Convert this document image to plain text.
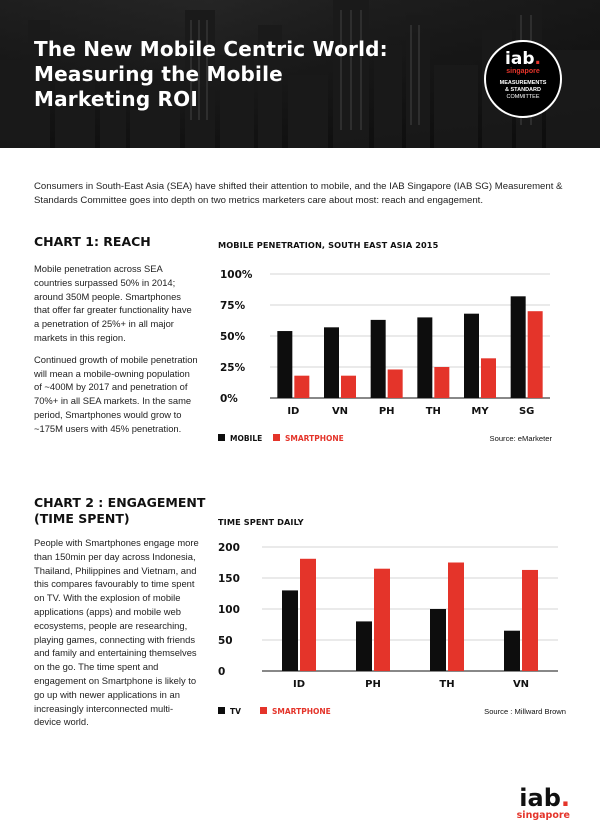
The New Mobile Centric World:
Measuring the Mobile
Marketing ROI
iab.
singapore
MEASUREMENTS
& STANDARD
COMMITTEE
Consumers in South-East Asia (SEA) have shifted their attention to mobile, and the IAB Singapore (IAB SG) Measurement & Standards Committee goes into depth on two metrics marketers care about most: reach and engagement.
CHART 1: REACH

Mobile penetration across SEA countries surpassed 50% in 2014; around 350M people. Smartphones that offer far greater functionality have a penetration of 25%+ in all major markets in this region.

Continued growth of mobile penetration will mean a mobile-owning population of ~400M by 2017 and penetration of 70%+ in all SEA markets. In the same period, Smartphones would grow to ~175M users with 45% penetration.

MOBILE PENETRATION, SOUTH EAST ASIA 2015
0%
25%
50%
75%
100%
ID	VN	PH	TH	MY	SG
MOBILE	SMARTPHONE	Source: eMarketer
CHART 2 : ENGAGEMENT
(TIME SPENT)

People with Smartphones engage more than 150min per day across Indonesia, Thailand, Philippines and Vietnam, and this compares favourably to time spent on TV. With the explosion of mobile applications (apps) and mobile web ecosystems, people are researching, playing games, connecting with friends and family and entertaining themselves on the go. The time spent and engagement on Smartphone is likely to go up with newer applications in an increasingly interconnected multi-device world.

TIME SPENT DAILY
0
50
100
150
200
ID	PH	TH	VN
TV	SMARTPHONE	Source : Millward Brown
iab.
singapore
